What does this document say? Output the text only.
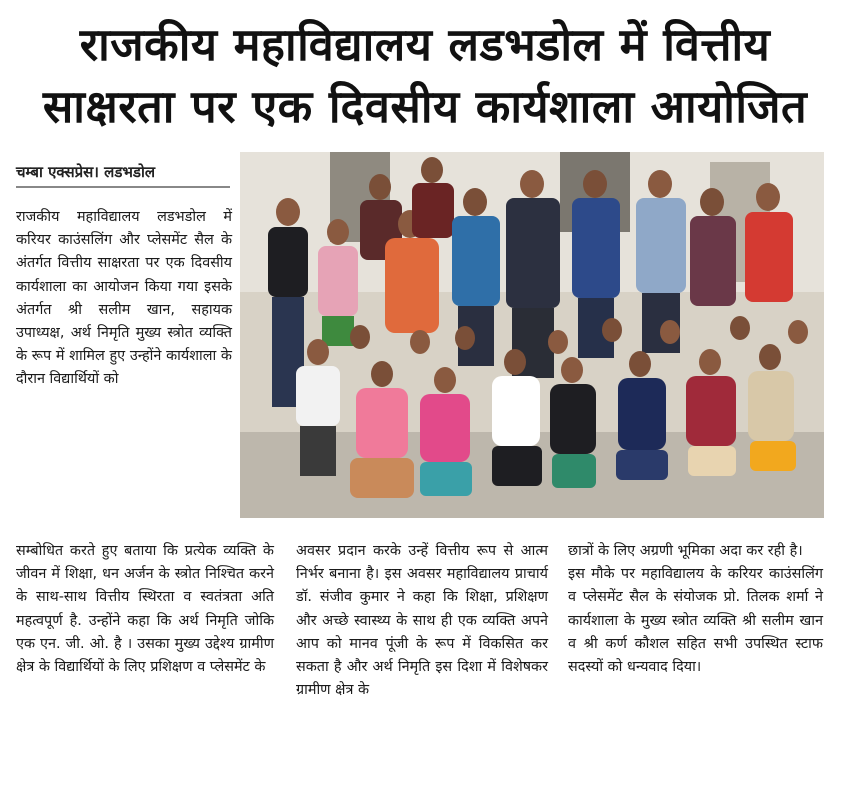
राजकीय महाविद्यालय लडभडोल में वित्तीय
साक्षरता पर एक दिवसीय कार्यशाला आयोजित
चम्बा एक्सप्रेस। लडभडोल

राजकीय महाविद्यालय लडभडोल में करियर काउंसलिंग और प्लेसमेंट सैल के अंतर्गत वित्तीय साक्षरता पर एक दिवसीय कार्यशाला का आयोजन किया गया इसके अंतर्गत श्री सलीम खान, सहायक उपाध्यक्ष, अर्थ निमृति मुख्य स्त्रोत व्यक्ति के रूप में शामिल हुए उन्होंने कार्यशाला के दौरान विद्यार्थियों को

सम्बोधित करते हुए बताया कि प्रत्येक व्यक्ति के जीवन में शिक्षा, धन अर्जन के स्त्रोत निश्चित करने के साथ-साथ वित्तीय स्थिरता व स्वतंत्रता अति महत्वपूर्ण है. उन्होंने कहा कि अर्थ निमृति जोकि एक एन. जी. ओ. है । उसका मुख्य उद्देश्य ग्रामीण क्षेत्र के विद्यार्थियों के लिए प्रशिक्षण व प्लेसमेंट के

अवसर प्रदान करके उन्हें वित्तीय रूप से आत्म निर्भर बनाना है। इस अवसर महाविद्यालय प्राचार्य डॉ. संजीव कुमार ने कहा कि शिक्षा, प्रशिक्षण और अच्छे स्वास्थ्य के साथ ही एक व्यक्ति अपने आप को मानव पूंजी के रूप में विकसित कर सकता है और अर्थ निमृति इस दिशा में विशेषकर ग्रामीण क्षेत्र के

छात्रों के लिए अग्रणी भूमिका अदा कर रही है।

इस मौके पर महाविद्यालय के करियर काउंसलिंग व प्लेसमेंट सैल के संयोजक प्रो. तिलक शर्मा ने कार्यशाला के मुख्य स्त्रोत व्यक्ति श्री सलीम खान व श्री कर्ण कौशल सहित सभी उपस्थित स्टाफ सदस्यों को धन्यवाद दिया।
